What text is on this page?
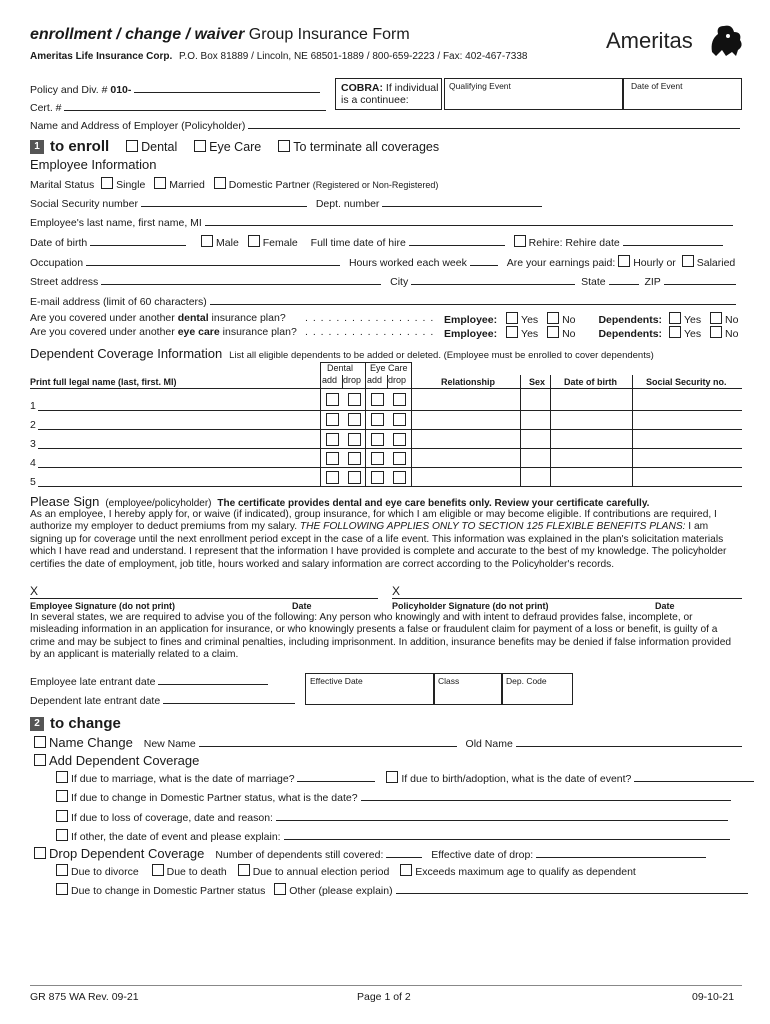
enrollment / change / waiver Group Insurance Form
Ameritas Life Insurance Corp. P.O. Box 81889 / Lincoln, NE 68501-1889 / 800-659-2223 / Fax: 402-467-7338
Ameritas
Policy and Div. # 010-
Cert. #
COBRA: If individual
is a continuee:
Qualifying Event	Date of Event
Name and Address of Employer (Policyholder)
1 to enroll	Dental	Eye Care	To terminate all coverages
Employee Information
Marital Status Single Married Domestic Partner (Registered or Non-Registered)
Social Security number	Dept. number
Employee's last name, first name, MI
Date of birth	Male Female Full time date of hire	Rehire: Rehire date
Occupation	Hours worked each week	Are your earnings paid: Hourly or Salaried
Street address	City	State	ZIP
E-mail address (limit of 60 characters)
Are you covered under another dental insurance plan? . . . . . . . . . . . . . . . . . Employee: Yes No Dependents: Yes No
Are you covered under another eye care insurance plan? . . . . . . . . . . . . . . . . . Employee: Yes No Dependents: Yes No
Dependent Coverage Information List all eligible dependents to be added or deleted. (Employee must be enrolled to cover dependents)
Dental Eye Care
add drop add drop
Print full legal name (last, first. MI)	Relationship	Sex Date of birth	Social Security no.
1
2
3
4
5
Please Sign (employee/policyholder) The certificate provides dental and eye care benefits only. Review your certificate carefully.
As an employee, I hereby apply for, or waive (if indicated), group insurance, for which I am eligible or may become eligible. If contributions are required, I authorize my employer to deduct premiums from my salary. THE FOLLOWING APPLIES ONLY TO SECTION 125 FLEXIBLE BENEFITS PLANS: I am signing up for coverage until the next enrollment period except in the case of a life event. This information was explained in the plan's solicitation materials which I have read and understand. I represent that the information I have provided is complete and accurate to the best of my knowledge. The policyholder certifies the date of employment, job title, hours worked and salary information are correct according to the Policyholder's records.
X	X
Employee Signature (do not print)	Date	Policyholder Signature (do not print)	Date
In several states, we are required to advise you of the following: Any person who knowingly and with intent to defraud provides false, incomplete, or misleading information in an application for insurance, or who knowingly presents a false or fraudulent claim for payment of a loss or benefit, is guilty of a crime and may be subject to fines and criminal penalties, including imprisonment. In addition, insurance benefits may be denied if false information provided by an applicant is materially related to a claim.
Employee late entrant date
Dependent late entrant date
Effective Date	Class	Dep. Code
2 to change
Name Change New Name	Old Name
Add Dependent Coverage
If due to marriage, what is the date of marriage?	If due to birth/adoption, what is the date of event?
If due to change in Domestic Partner status, what is the date?
If due to loss of coverage, date and reason:
If other, the date of event and please explain:
Drop Dependent Coverage Number of dependents still covered:	Effective date of drop:
Due to divorce	Due to death Due to annual election period Exceeds maximum age to qualify as dependent
Due to change in Domestic Partner status Other (please explain)
GR 875 WA Rev. 09-21	Page 1 of 2	09-10-21
